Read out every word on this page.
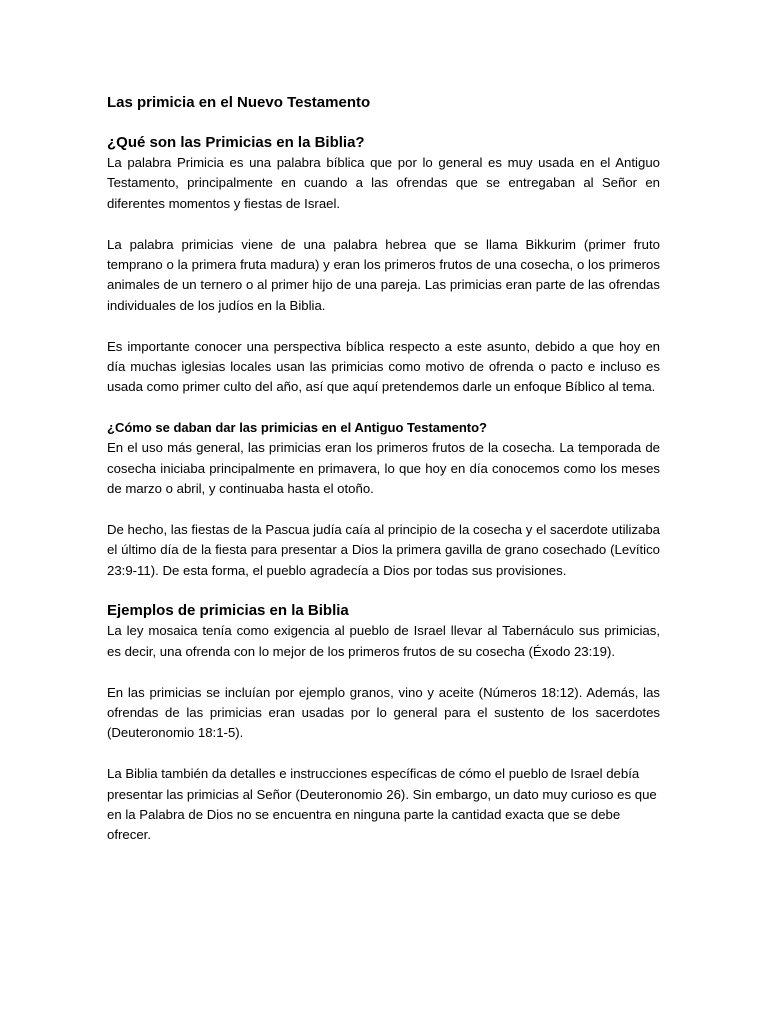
Las primicia en el Nuevo Testamento
¿Qué son las Primicias en la Biblia?

La palabra Primicia es una palabra bíblica que por lo general es muy usada en el Antiguo Testamento, principalmente en cuando a las ofrendas que se entregaban al Señor en diferentes momentos y fiestas de Israel.

La palabra primicias viene de una palabra hebrea que se llama Bikkurim (primer fruto temprano o la primera fruta madura) y eran los primeros frutos de una cosecha, o los primeros animales de un ternero o al primer hijo de una pareja. Las primicias eran parte de las ofrendas individuales de los judíos en la Biblia.

Es importante conocer una perspectiva bíblica respecto a este asunto, debido a que hoy en día muchas iglesias locales usan las primicias como motivo de ofrenda o pacto e incluso es usada como primer culto del año, así que aquí pretendemos darle un enfoque Bíblico al tema.

¿Cómo se daban dar las primicias en el Antiguo Testamento?

En el uso más general, las primicias eran los primeros frutos de la cosecha. La temporada de cosecha iniciaba principalmente en primavera, lo que hoy en día conocemos como los meses de marzo o abril, y continuaba hasta el otoño.

De hecho, las fiestas de la Pascua judía caía al principio de la cosecha y el sacerdote utilizaba el último día de la fiesta para presentar a Dios la primera gavilla de grano cosechado (Levítico 23:9-11). De esta forma, el pueblo agradecía a Dios por todas sus provisiones.

Ejemplos de primicias en la Biblia

La ley mosaica tenía como exigencia al pueblo de Israel llevar al Tabernáculo sus primicias, es decir, una ofrenda con lo mejor de los primeros frutos de su cosecha (Éxodo 23:19).

En las primicias se incluían por ejemplo granos, vino y aceite (Números 18:12). Además, las ofrendas de las primicias eran usadas por lo general para el sustento de los sacerdotes (Deuteronomio 18:1-5).

La Biblia también da detalles e instrucciones específicas de cómo el pueblo de Israel debía presentar las primicias al Señor (Deuteronomio 26). Sin embargo, un dato muy curioso es que en la Palabra de Dios no se encuentra en ninguna parte la cantidad exacta que se debe

ofrecer.
